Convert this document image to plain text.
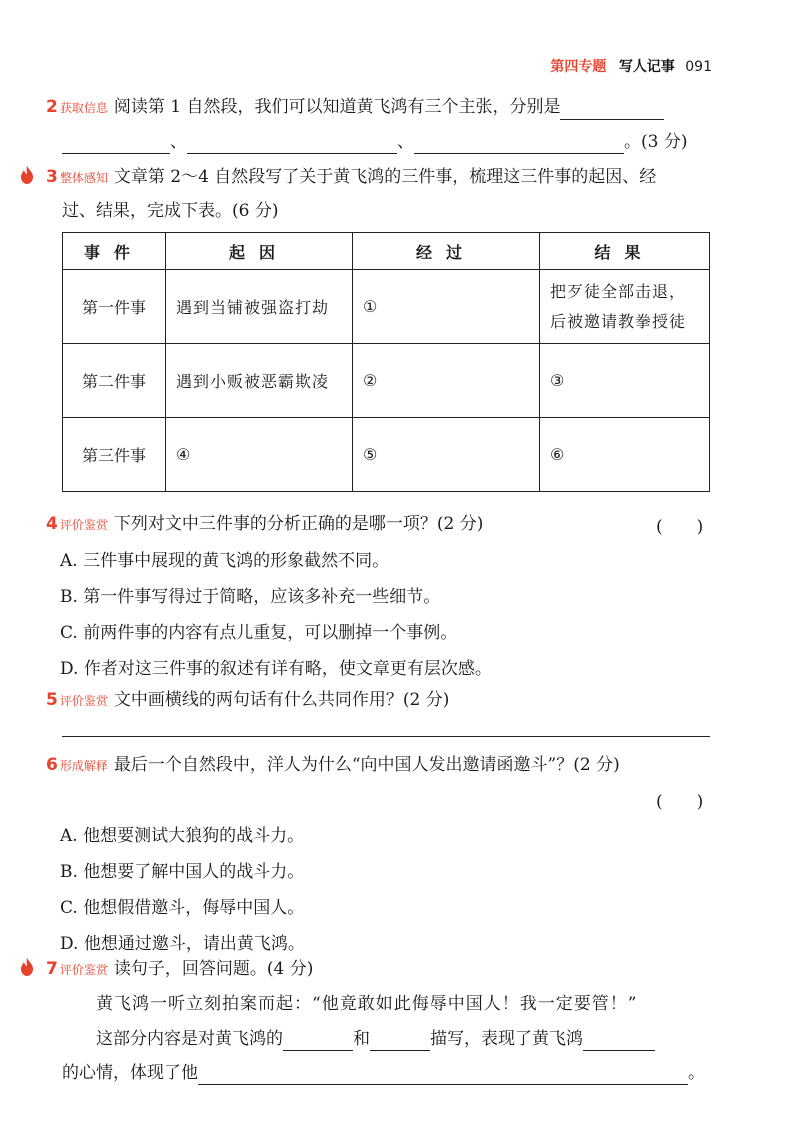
第四专题 写人记事 091
2 获取信息 阅读第 1 自然段，我们可以知道黄飞鸿有三个主张，分别是
、	、	。(3 分)
3 整体感知 文章第 2～4 自然段写了关于黄飞鸿的三件事，梳理这三件事的起因、经
过、结果，完成下表。(6 分)
事件	起因	经过	结果
第一件事	遇到当铺被强盗打劫	①	把歹徒全部击退，
后被邀请教拳授徒

第二件事	遇到小贩被恶霸欺凌	②	③
第三件事	④	⑤	⑥
4 评价鉴赏 下列对文中三件事的分析正确的是哪一项？(2 分)	(　　)
A. 三件事中展现的黄飞鸿的形象截然不同。
B. 第一件事写得过于简略，应该多补充一些细节。
C. 前两件事的内容有点儿重复，可以删掉一个事例。
D. 作者对这三件事的叙述有详有略，使文章更有层次感。
5 评价鉴赏 文中画横线的两句话有什么共同作用？(2 分)
6 形成解释 最后一个自然段中，洋人为什么“向中国人发出邀请函邀斗”？(2 分)
(　　)
A. 他想要测试大狼狗的战斗力。
B. 他想要了解中国人的战斗力。
C. 他想假借邀斗，侮辱中国人。
D. 他想通过邀斗，请出黄飞鸿。
7 评价鉴赏 读句子，回答问题。(4 分)
黄飞鸿一听立刻拍案而起：“他竟敢如此侮辱中国人！我一定要管！”
这部分内容是对黄飞鸿的	和	描写，表现了黄飞鸿
的心情，体现了他	。
